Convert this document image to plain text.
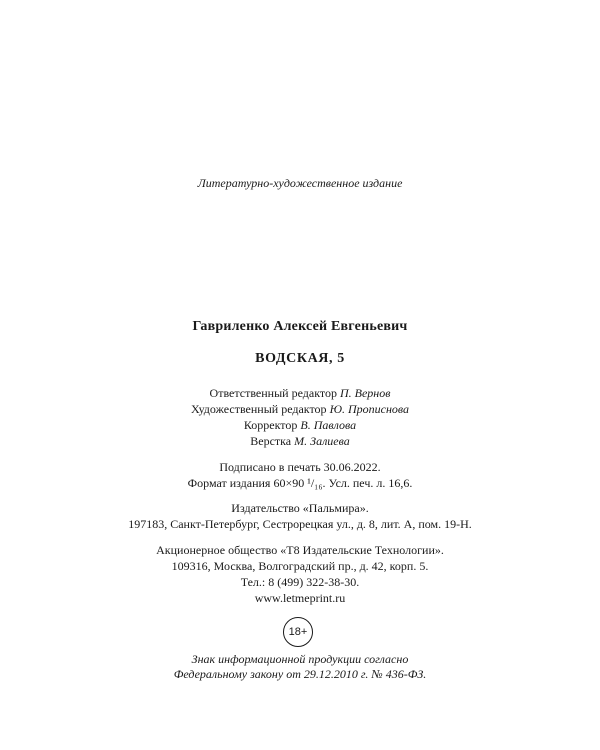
Литературно-художественное издание
Гавриленко Алексей Евгеньевич
ВОДСКАЯ, 5
Ответственный редактор П. Вернов
Художественный редактор Ю. Прописнова
Корректор В. Павлова
Верстка М. Залиева
Подписано в печать 30.06.2022.
Формат издания 60×90 ¹/₁₆. Усл. печ. л. 16,6.
Издательство «Пальмира».
197183, Санкт-Петербург, Сестрорецкая ул., д. 8, лит. А, пом. 19-Н.
Акционерное общество «Т8 Издательские Технологии».
109316, Москва, Волгоградский пр., д. 42, корп. 5.
Тел.: 8 (499) 322-38-30.
www.letmeprint.ru
18+
Знак информационной продукции согласно
Федеральному закону от 29.12.2010 г. № 436-ФЗ.
